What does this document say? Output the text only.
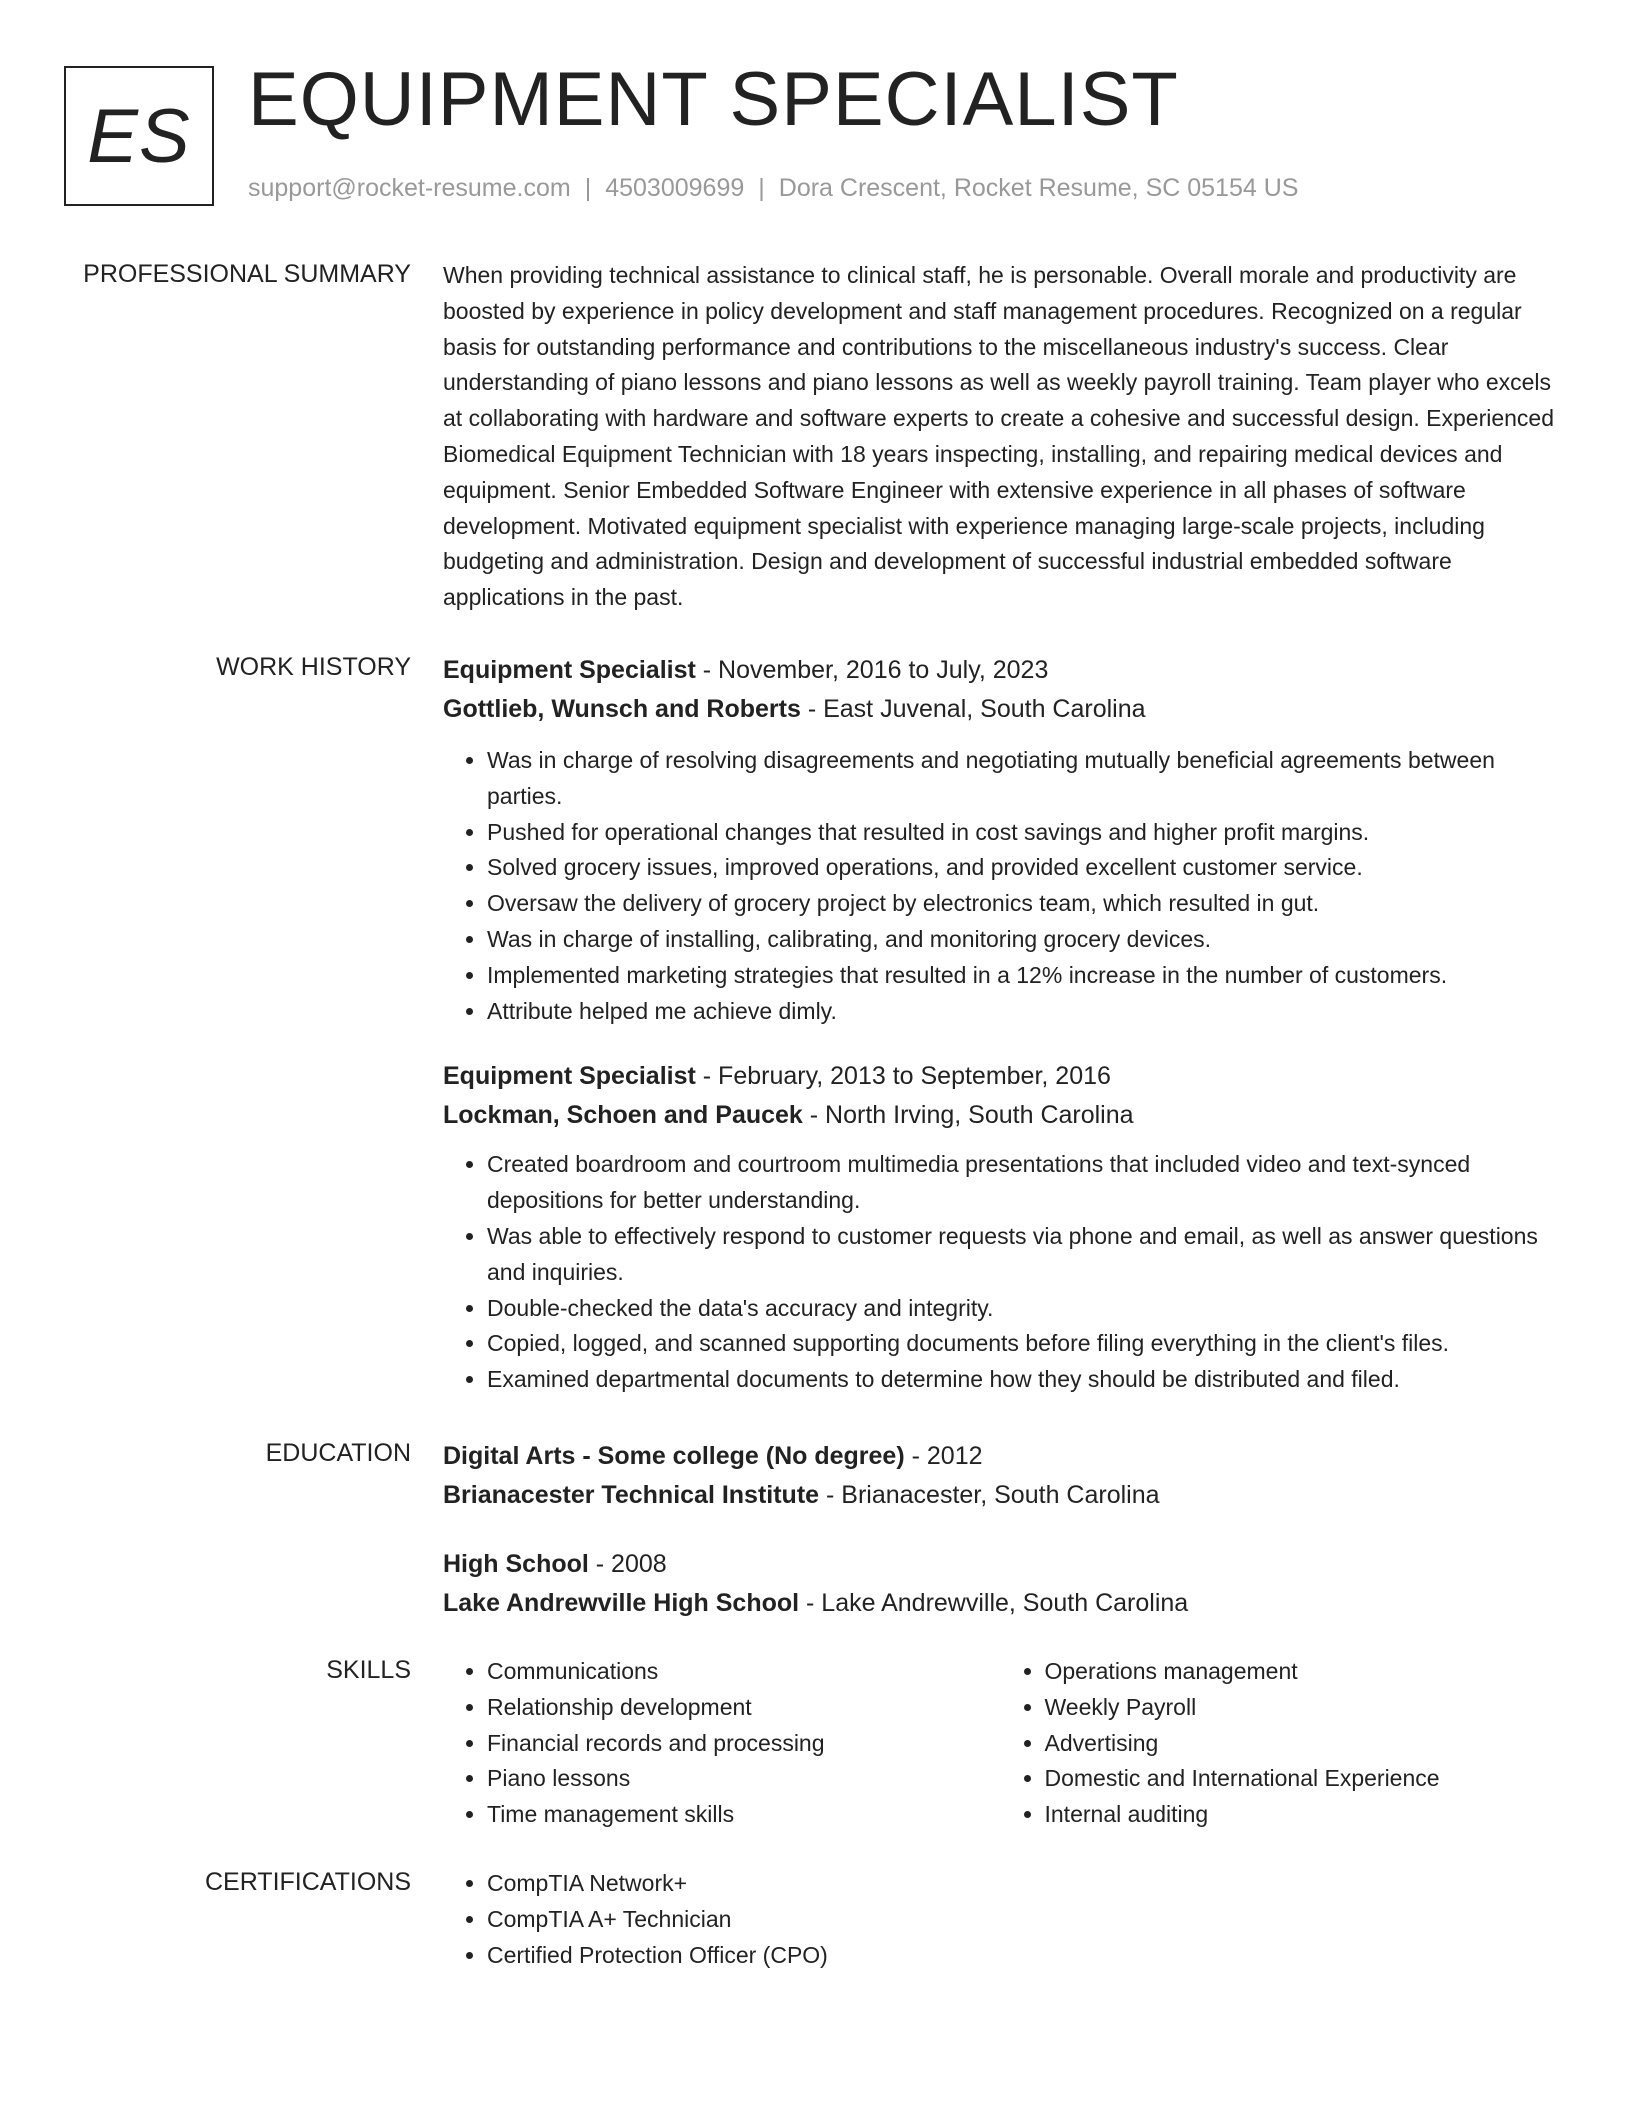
ES EQUIPMENT SPECIALIST
support@rocket-resume.com | 4503009699 | Dora Crescent, Rocket Resume, SC 05154 US
PROFESSIONAL SUMMARY When providing technical assistance to clinical staff, he is personable. Overall morale and productivity are boosted by experience in policy development and staff management procedures. Recognized on a regular basis for outstanding performance and contributions to the miscellaneous industry's success. Clear understanding of piano lessons and piano lessons as well as weekly payroll training. Team player who excels at collaborating with hardware and software experts to create a cohesive and successful design. Experienced Biomedical Equipment Technician with 18 years inspecting, installing, and repairing medical devices and equipment. Senior Embedded Software Engineer with extensive experience in all phases of software development. Motivated equipment specialist with experience managing large-scale projects, including budgeting and administration. Design and development of successful industrial embedded software applications in the past.

WORK HISTORY Equipment Specialist - November, 2016 to July, 2023
Gottlieb, Wunsch and Roberts - East Juvenal, South Carolina
• Was in charge of resolving disagreements and negotiating mutually beneficial agreements between parties.
• Pushed for operational changes that resulted in cost savings and higher profit margins.
• Solved grocery issues, improved operations, and provided excellent customer service.
• Oversaw the delivery of grocery project by electronics team, which resulted in gut.
• Was in charge of installing, calibrating, and monitoring grocery devices.
• Implemented marketing strategies that resulted in a 12% increase in the number of customers.
• Attribute helped me achieve dimly.
Equipment Specialist - February, 2013 to September, 2016
Lockman, Schoen and Paucek - North Irving, South Carolina
• Created boardroom and courtroom multimedia presentations that included video and text-synced depositions for better understanding.
• Was able to effectively respond to customer requests via phone and email, as well as answer questions and inquiries.
• Double-checked the data's accuracy and integrity.
• Copied, logged, and scanned supporting documents before filing everything in the client's files.
• Examined departmental documents to determine how they should be distributed and filed.
EDUCATION Digital Arts - Some college (No degree) - 2012
Brianacester Technical Institute - Brianacester, South Carolina
High School - 2008
Lake Andrewville High School - Lake Andrewville, South Carolina
SKILLS	• Communications
• Relationship development
• Financial records and processing
• Piano lessons
• Time management skills
• Operations management
• Weekly Payroll
• Advertising
• Domestic and International Experience
• Internal auditing
CERTIFICATIONS	• CompTIA Network+
• CompTIA A+ Technician
• Certified Protection Officer (CPO)
